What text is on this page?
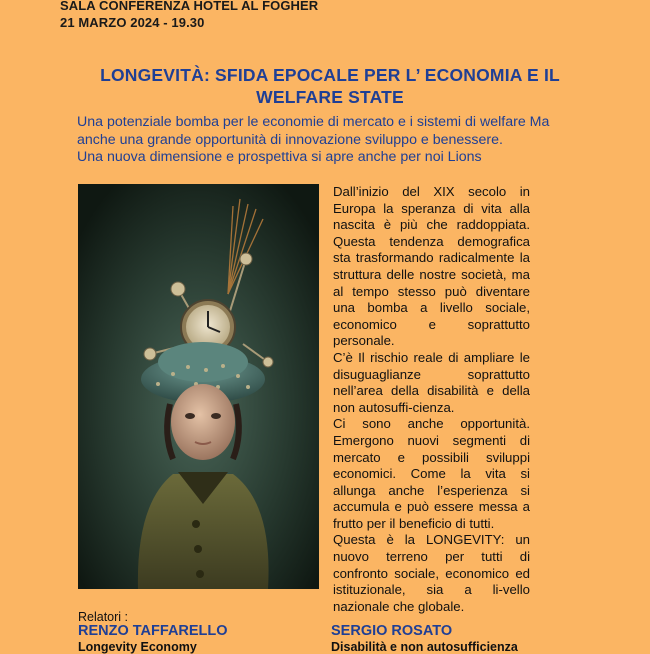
SALA CONFERENZA HOTEL AL FOGHER
21 MARZO 2024 - 19.30
LONGEVITÀ: SFIDA EPOCALE PER L’ ECONOMIA E IL
WELFARE STATE
Una potenziale bomba per le economie di mercato e i sistemi di welfare Ma
anche una grande opportunità di innovazione sviluppo e benessere.
Una nuova dimensione e prospettiva si apre anche per noi Lions

Dall’inizio del XIX secolo in Europa la speranza di vita alla nascita è più che raddoppiata. Questa tendenza demografica sta trasformando radicalmente la struttura delle nostre società, ma al tempo stesso può diventare una bomba a livello sociale, economico e soprattutto personale.

C’è Il rischio reale di ampliare le disuguaglianze soprattutto nell’area della disabilità e della non autosuffi-cienza.

Ci sono anche opportunità. Emergono nuovi segmenti di mercato e possibili sviluppi economici. Come la vita si allunga anche l’esperienza si accumula e può essere messa a frutto per il beneficio di tutti.

Questa è la LONGEVITY: un nuovo terreno per tutti di confronto sociale, economico ed istituzionale, sia a li-vello nazionale che globale.

Relatori :
RENZO TAFFARELLO
Longevity Economy
SERGIO ROSATO
Disabilità e non autosufficienza
